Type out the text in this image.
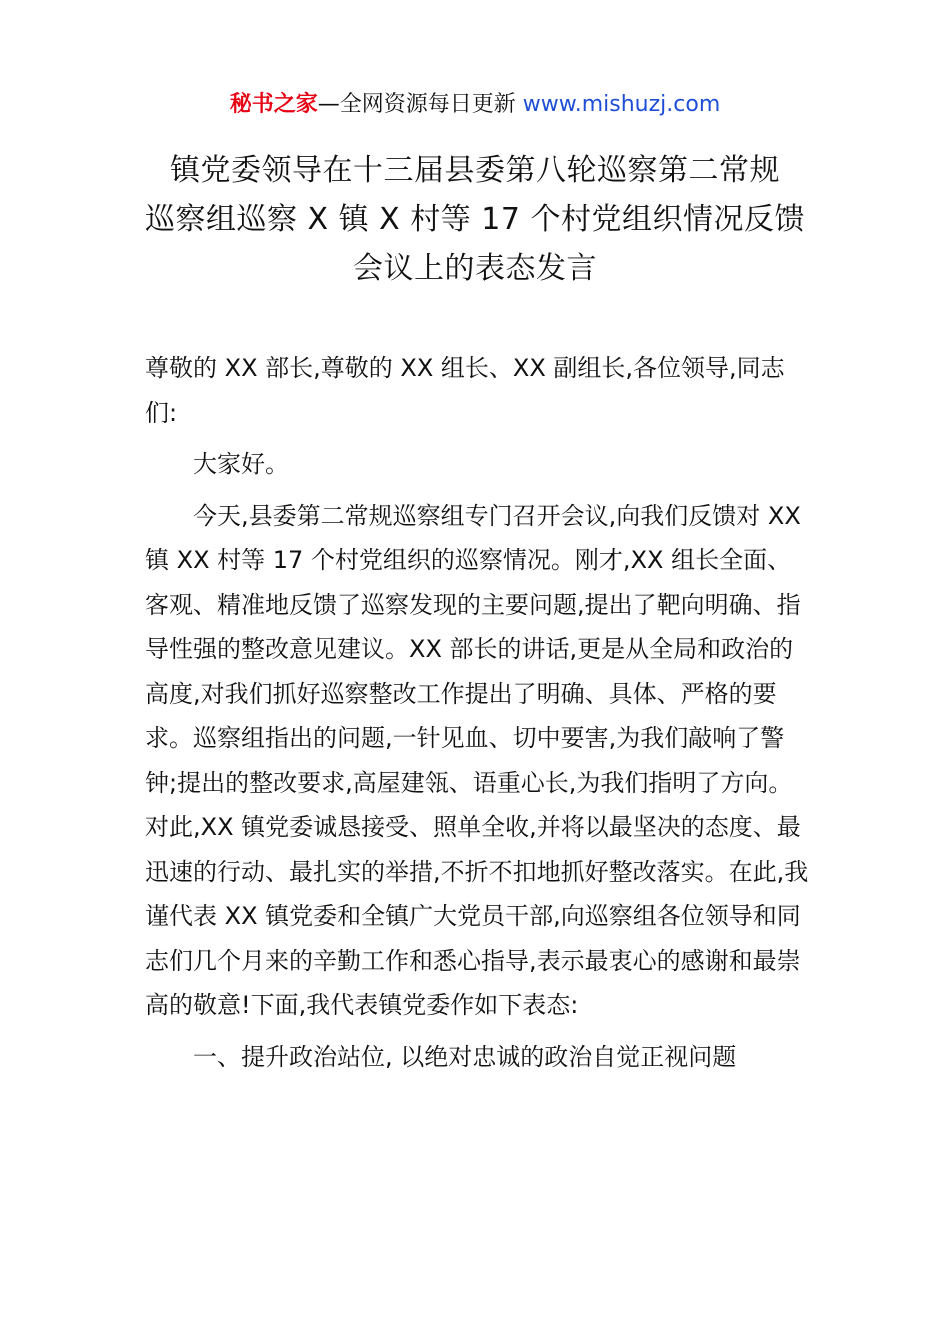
秘书之家—全网资源每日更新 www.mishuzj.com
镇党委领导在十三届县委第八轮巡察第二常规
巡察组巡察 X 镇 X 村等 17 个村党组织情况反馈
会议上的表态发言

尊敬的 XX 部长,尊敬的 XX 组长、XX 副组长,各位领导,同志们:

大家好。

今天,县委第二常规巡察组专门召开会议,向我们反馈对 XX 镇 XX 村等 17 个村党组织的巡察情况。刚才,XX 组长全面、客观、精准地反馈了巡察发现的主要问题,提出了靶向明确、指导性强的整改意见建议。XX 部长的讲话,更是从全局和政治的高度,对我们抓好巡察整改工作提出了明确、具体、严格的要求。巡察组指出的问题,一针见血、切中要害,为我们敲响了警钟;提出的整改要求,高屋建瓴、语重心长,为我们指明了方向。对此,XX 镇党委诚恳接受、照单全收,并将以最坚决的态度、最迅速的行动、最扎实的举措,不折不扣地抓好整改落实。在此,我谨代表 XX 镇党委和全镇广大党员干部,向巡察组各位领导和同志们几个月来的辛勤工作和悉心指导,表示最衷心的感谢和最崇高的敬意!下面,我代表镇党委作如下表态:

一、提升政治站位, 以绝对忠诚的政治自觉正视问题
